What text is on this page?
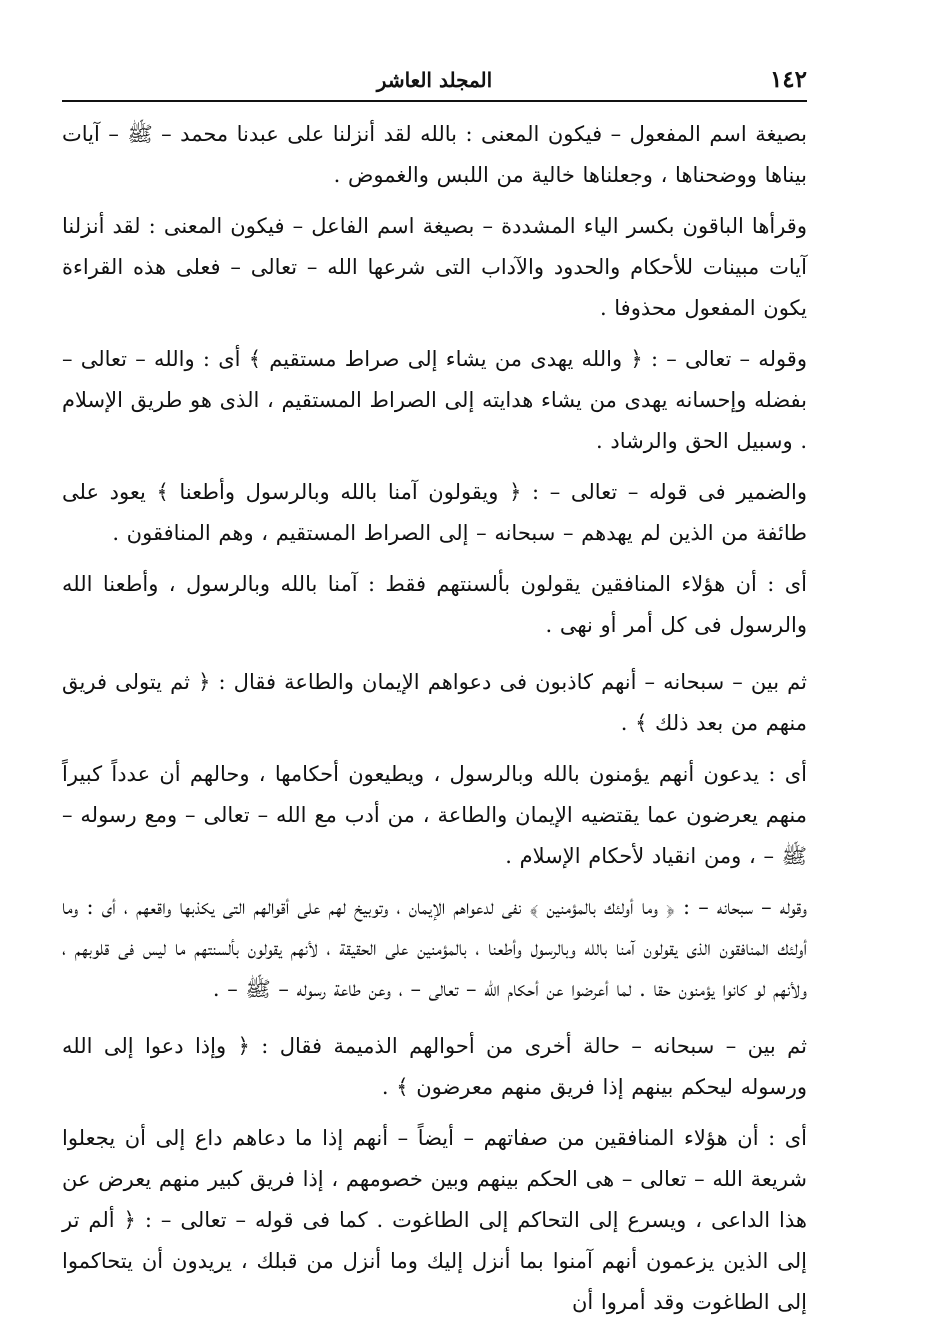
١٤٢
المجلد العاشر

بصيغة اسم المفعول – فيكون المعنى : بالله لقد أنزلنا على عبدنا محمد – ﷺ – آيات بيناها ووضحناها ، وجعلناها خالية من اللبس والغموض .

وقرأها الباقون بكسر الياء المشددة – بصيغة اسم الفاعل – فيكون المعنى : لقد أنزلنا آيات مبينات للأحكام والحدود والآداب التى شرعها الله – تعالى – فعلى هذه القراءة يكون المفعول محذوفا .

وقوله – تعالى – : ﴿ والله يهدى من يشاء إلى صراط مستقيم ﴾ أى : والله – تعالى – بفضله وإحسانه يهدى من يشاء هدايته إلى الصراط المستقيم ، الذى هو طريق الإسلام . وسبيل الحق والرشاد .

والضمير فى قوله – تعالى – : ﴿ ويقولون آمنا بالله وبالرسول وأطعنا ﴾ يعود على طائفة من الذين لم يهدهم – سبحانه – إلى الصراط المستقيم ، وهم المنافقون .

أى : أن هؤلاء المنافقين يقولون بألسنتهم فقط : آمنا بالله وبالرسول ، وأطعنا الله والرسول فى كل أمر أو نهى .

ثم بين – سبحانه – أنهم كاذبون فى دعواهم الإيمان والطاعة فقال : ﴿ ثم يتولى فريق منهم من بعد ذلك ﴾ .

أى : يدعون أنهم يؤمنون بالله وبالرسول ، ويطيعون أحكامها ، وحالهم أن عدداً كبيراً منهم يعرضون عما يقتضيه الإيمان والطاعة ، من أدب مع الله – تعالى – ومع رسوله – ﷺ – ، ومن انقياد لأحكام الإسلام .

وقوله – سبحانه – : ﴿ وما أولئك بالمؤمنين ﴾ نفى لدعواهم الإيمان ، وتوبيخ لهم على أقوالهم التى يكذبها واقعهم ، أى : وما أولئك المنافقون الذى يقولون آمنا بالله وبالرسول وأطعنا ، بالمؤمنين على الحقيقة ، لأنهم يقولون بألسنتهم ما ليس فى قلوبهم ، ولأنهم لو كانوا يؤمنون حقا . لما أعرضوا عن أحكام الله – تعالى – ، وعن طاعة رسوله – ﷺ – .

ثم بين – سبحانه – حالة أخرى من أحوالهم الذميمة فقال : ﴿ وإذا دعوا إلى الله ورسوله ليحكم بينهم إذا فريق منهم معرضون ﴾ .

أى : أن هؤلاء المنافقين من صفاتهم – أيضاً – أنهم إذا ما دعاهم داع إلى أن يجعلوا شريعة الله – تعالى – هى الحكم بينهم وبين خصومهم ، إذا فريق كبير منهم يعرض عن هذا الداعى ، ويسرع إلى التحاكم إلى الطاغوت . كما فى قوله – تعالى – : ﴿ ألم تر إلى الذين يزعمون أنهم آمنوا بما أنزل إليك وما أنزل من قبلك ، يريدون أن يتحاكموا إلى الطاغوت وقد أمروا أن
